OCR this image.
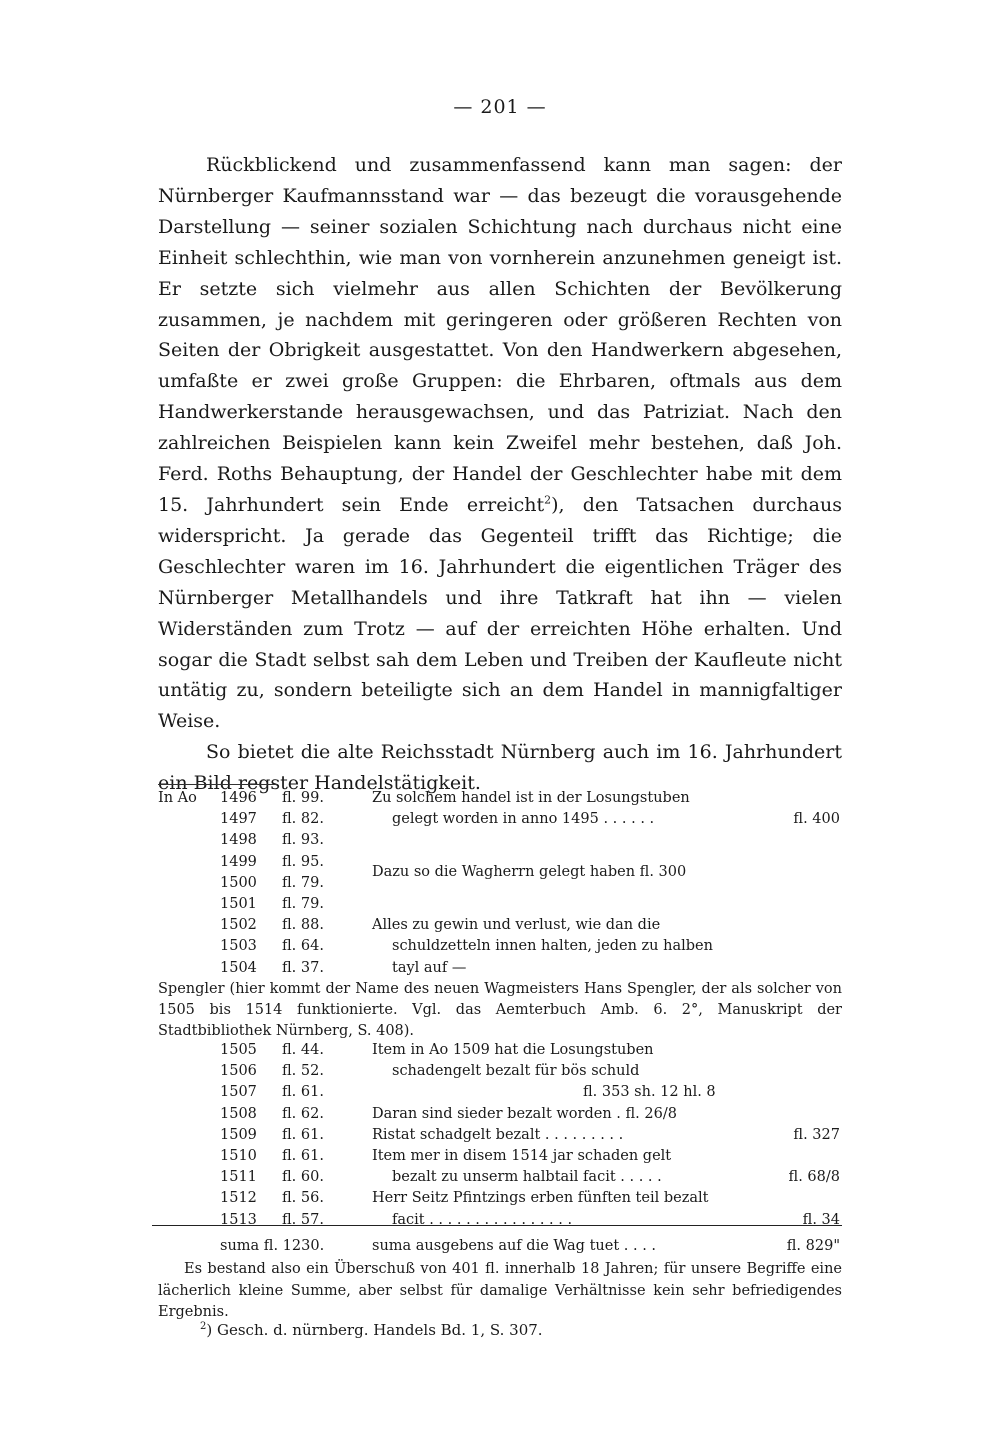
— 201 —

Rückblickend und zusammenfassend kann man sagen: der Nürnberger Kaufmannsstand war — das bezeugt die vorausgehende Darstellung — seiner sozialen Schichtung nach durchaus nicht eine Einheit schlechthin, wie man von vornherein anzunehmen geneigt ist. Er setzte sich vielmehr aus allen Schichten der Bevölkerung zusammen, je nachdem mit geringeren oder größeren Rechten von Seiten der Obrigkeit ausgestattet. Von den Handwerkern abgesehen, umfaßte er zwei große Gruppen: die Ehrbaren, oftmals aus dem Handwerkerstande herausgewachsen, und das Patriziat. Nach den zahlreichen Beispielen kann kein Zweifel mehr bestehen, daß Joh. Ferd. Roths Behauptung, der Handel der Geschlechter habe mit dem 15. Jahrhundert sein Ende erreicht$^2$), den Tatsachen durchaus widerspricht. Ja gerade das Gegenteil trifft das Richtige; die Geschlechter waren im 16. Jahrhundert die eigentlichen Träger des Nürnberger Metallhandels und ihre Tatkraft hat ihn — vielen Widerständen zum Trotz — auf der erreichten Höhe erhalten. Und sogar die Stadt selbst sah dem Leben und Treiben der Kaufleute nicht untätig zu, sondern beteiligte sich an dem Handel in mannigfaltiger Weise.

So bietet die alte Reichsstadt Nürnberg auch im 16. Jahrhundert ein Bild regster Handelstätigkeit.

In Ao 1496 fl. 99.	Zu solchem handel ist in der Losungstuben
1497 fl. 82.	gelegt worden in anno 1495 . . . . . .	fl. 400
1498 fl. 93.
1499 fl. 95.
Dazu so die Wagherrn gelegt haben fl. 300
1500 fl. 79.
1501 fl. 79.
1502 fl. 88.	Alles zu gewin und verlust, wie dan die
1503 fl. 64.	schuldzetteln innen halten, jeden zu halben
1504 fl. 37.	tayl auf —
Spengler (hier kommt der Name des neuen Wagmeisters Hans Spengler, der als solcher von 1505 bis 1514 funktionierte. Vgl. das Aemterbuch Amb. 6. 2°, Manuskript der Stadtbibliothek Nürnberg, S. 408).
1505 fl. 44.	Item in Ao 1509 hat die Losungstuben
1506 fl. 52.	schadengelt bezalt für bös schuld
1507 fl. 61.	fl. 353 sh. 12 hl. 8
1508 fl. 62.	Daran sind sieder bezalt worden . fl. 26/8
1509 fl. 61.	Ristat schadgelt bezalt . . . . . . . . .	fl. 327
1510 fl. 61.	Item mer in disem 1514 jar schaden gelt
1511 fl. 60.	bezalt zu unserm halbtail facit . . . . .	fl. 68/8
1512 fl. 56.	Herr Seitz Pfintzings erben fünften teil bezalt
1513 fl. 57.	facit . . . . . . . . . . . . . . . .	fl. 34
suma fl. 1230.	suma ausgebens auf die Wag tuet . . . .	fl. 829"

Es bestand also ein Überschuß von 401 fl. innerhalb 18 Jahren; für unsere Begriffe eine lächerlich kleine Summe, aber selbst für damalige Verhältnisse kein sehr befriedigendes Ergebnis.

$^2$) Gesch. d. nürnberg. Handels Bd. 1, S. 307.
